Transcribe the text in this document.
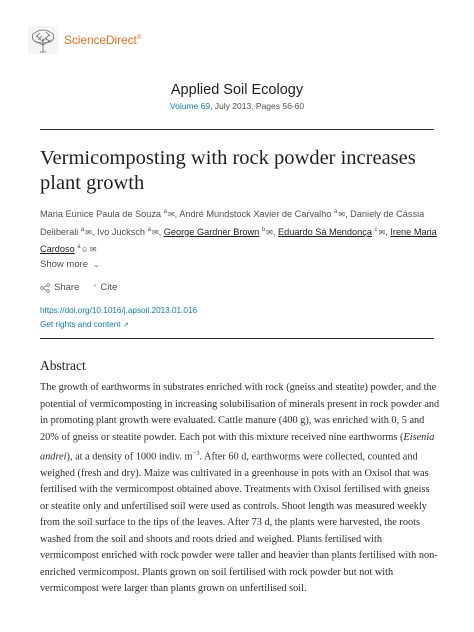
ScienceDirect®
Applied Soil Ecology
Volume 69, July 2013, Pages 56-60
Vermicomposting with rock powder increases plant growth
Maria Eunice Paula de Souza $^a$✉, André Mundstock Xavier de Carvalho $^a$✉, Daniely de Cássia Deliberali $^a$✉, Ivo Jucksch $^a$✉, George Gardner Brown $^b$✉, Eduardo Sá Mendonça $^c$✉, Irene Maria Cardoso $^a$☺✉
Show more ⌄
Share ” Cite
https://doi.org/10.1016/j.apsoil.2013.01.016
Get rights and content ↗
Abstract
The growth of earthworms in substrates enriched with rock (gneiss and steatite) powder, and the potential of vermicomposting in increasing solubilisation of minerals present in rock powder and in promoting plant growth were evaluated. Cattle manure (400 g), was enriched with 0, 5 and 20% of gneiss or steatite powder. Each pot with this mixture received nine earthworms (Eisenia andrei), at a density of 1000 indiv. $m^{-3}$. After 60 d, earthworms were collected, counted and weighed (fresh and dry). Maize was cultivated in a greenhouse in pots with an Oxisol that was fertilised with the vermicompost obtained above. Treatments with Oxisol fertilised with gneiss or steatite only and unfertilised soil were used as controls. Shoot length was measured weekly from the soil surface to the tips of the leaves. After 73 d, the plants were harvested, the roots washed from the soil and shoots and roots dried and weighed. Plants fertilised with vermicompost enriched with rock powder were taller and heavier than plants fertilised with non-enriched vermicompost. Plants grown on soil fertilised with rock powder but not with vermicompost were larger than plants grown on unfertilised soil.
